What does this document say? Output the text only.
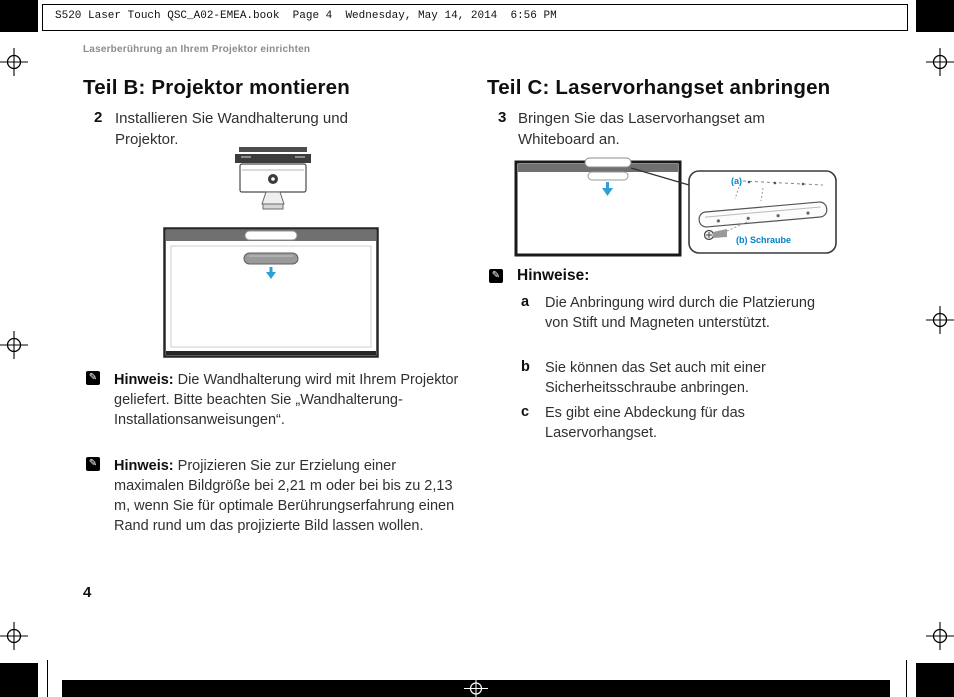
S520 Laser Touch QSC_A02-EMEA.book  Page 4  Wednesday, May 14, 2014  6:56 PM
Laserberührung an Ihrem Projektor einrichten
Teil B: Projektor montieren
2 Installieren Sie Wandhalterung und Projektor.
✎ Hinweis: Die Wandhalterung wird mit Ihrem Projektor geliefert. Bitte beachten Sie „Wandhalterung-Installationsanweisungen“.
✎ Hinweis: Projizieren Sie zur Erzielung einer maximalen Bildgröße bei 2,21 m oder bei bis zu 2,13 m, wenn Sie für optimale Berührungserfahrung einen Rand rund um das projizierte Bild lassen wollen.
Teil C: Laservorhangset anbringen
3 Bringen Sie das Laservorhangset am Whiteboard an.
(a)
(b) Schraube
✎ Hinweise:
a Die Anbringung wird durch die Platzierung von Stift und Magneten unterstützt.
b Sie können das Set auch mit einer Sicherheitsschraube anbringen.
c Es gibt eine Abdeckung für das Laservorhangset.
4
